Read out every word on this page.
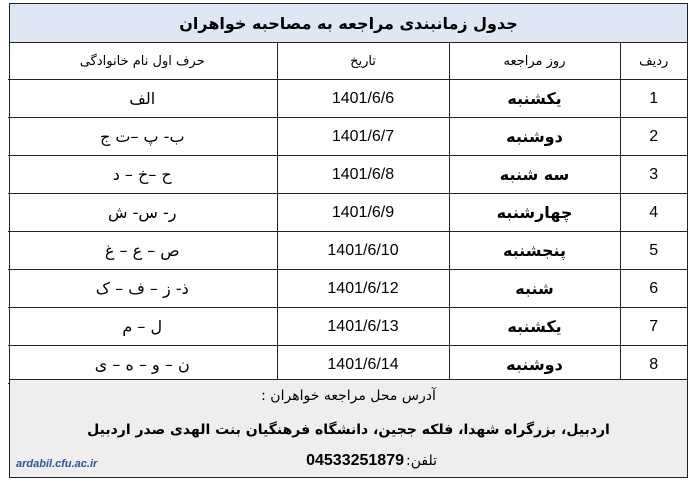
جدول زمانبندی مراجعه به مصاحبه خواهران
ردیف	روز مراجعه	تاریخ	حرف اول نام خانوادگی
1	یکشنبه	1401/6/6	الف
2	دوشنبه	1401/6/7	ب- پ –ت ج
3	سه شنبه	1401/6/8	ح –خ – د
4	چهارشنبه	1401/6/9	ر- س- ش
5	پنجشنبه	1401/6/10	ص – ع – غ
6	شنبه	1401/6/12	ذ- ز – ف – ک
7	یکشنبه	1401/6/13	ل – م
8	دوشنبه	1401/6/14	ن – و – ه – ی
آدرس محل مراجعه خواهران :
اردبیل، بزرگراه شهدا، فلکه ججین، دانشگاه فرهنگیان بنت الهدی صدر اردبیل
تلفن:
04533251879
ardabil.cfu.ac.ir
